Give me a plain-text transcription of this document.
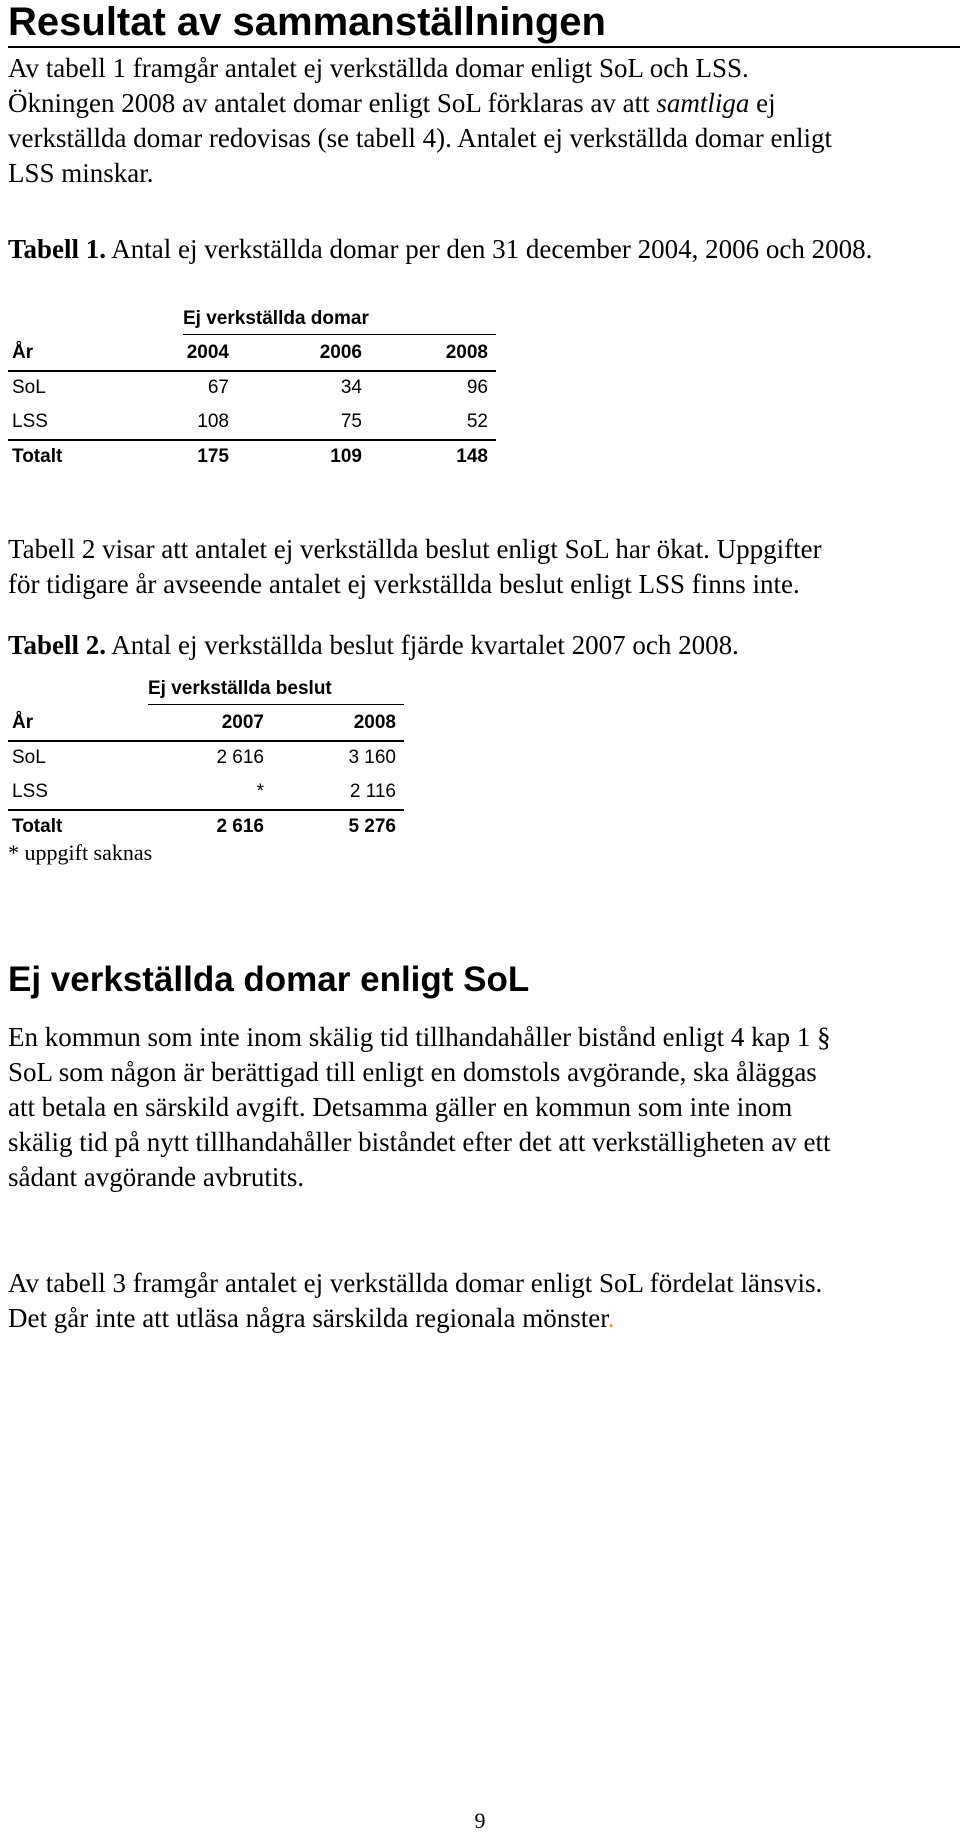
Resultat av sammanställningen

Av tabell 1 framgår antalet ej verkställda domar enligt SoL och LSS.

Ökningen 2008 av antalet domar enligt SoL förklaras av att samtliga ej

verkställda domar redovisas (se tabell 4). Antalet ej verkställda domar enligt

LSS minskar.

Tabell 1. Antal ej verkställda domar per den 31 december 2004, 2006 och 2008.
Ej verkställda domar
År	2004	2006	2008
SoL	67	34	96
LSS	108	75	52
Totalt	175	109	148

Tabell 2 visar att antalet ej verkställda beslut enligt SoL har ökat. Uppgifter

för tidigare år avseende antalet ej verkställda beslut enligt LSS finns inte.

Tabell 2. Antal ej verkställda beslut fjärde kvartalet 2007 och 2008.
Ej verkställda beslut
År	2007	2008
SoL	2 616	3 160
LSS	*	2 116
Totalt	2 616	5 276
* uppgift saknas
Ej verkställda domar enligt SoL

En kommun som inte inom skälig tid tillhandahåller bistånd enligt 4 kap 1 §

SoL som någon är berättigad till enligt en domstols avgörande, ska åläggas

att betala en särskild avgift. Detsamma gäller en kommun som inte inom

skälig tid på nytt tillhandahåller biståndet efter det att verkställigheten av ett

sådant avgörande avbrutits.

Av tabell 3 framgår antalet ej verkställda domar enligt SoL fördelat länsvis.

Det går inte att utläsa några särskilda regionala mönster.

9
